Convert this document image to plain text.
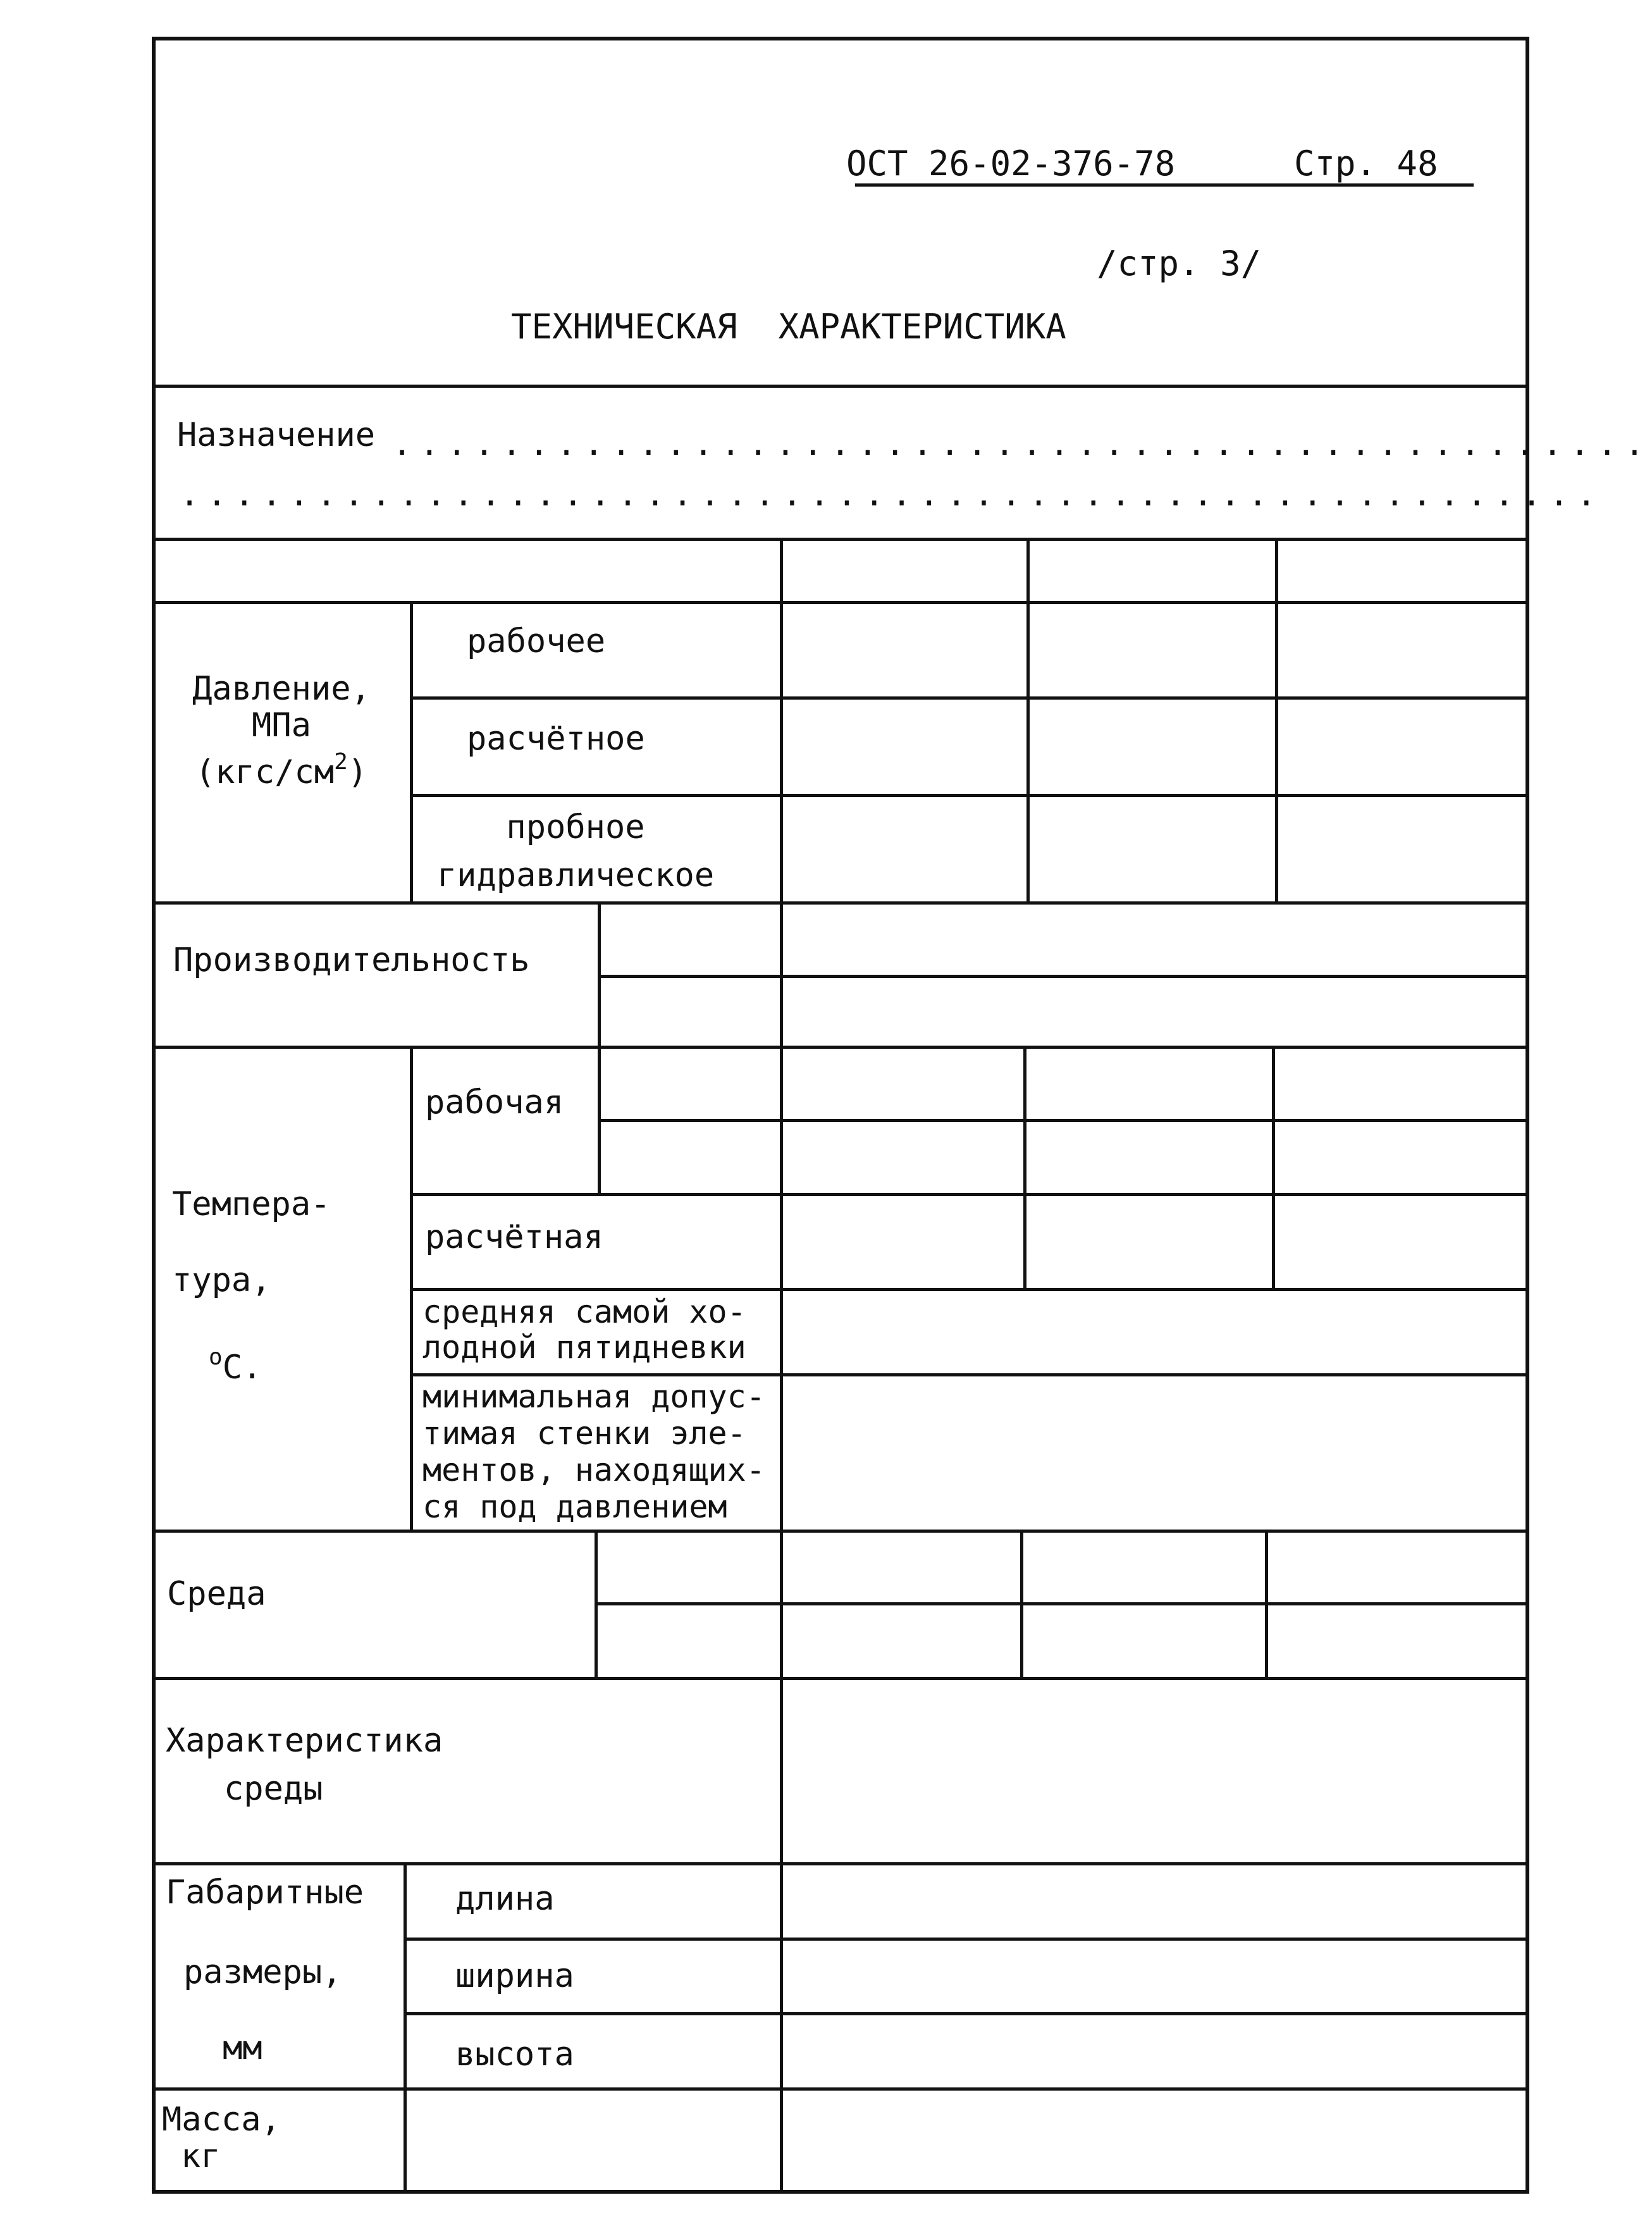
ОСТ 26-02-376-78	Стр. 48
/стр. 3/
ТЕХНИЧЕСКАЯ  ХАРАКТЕРИСТИКА
Назначение ..............................................
....................................................
Давление,
МПа
$(кгс/см^2)$
рабочее
расчётное
пробное
гидравлическое
Производительность
Темпера-
тура,
$^о$С.
рабочая
расчётная
средняя самой хо-
лодной пятидневки
минимальная допус-
тимая стенки эле-
ментов, находящих-
ся под давлением
Среда
Характеристика
среды
Габаритные
размеры,
мм
длина
ширина
высота
Масса,
кг
